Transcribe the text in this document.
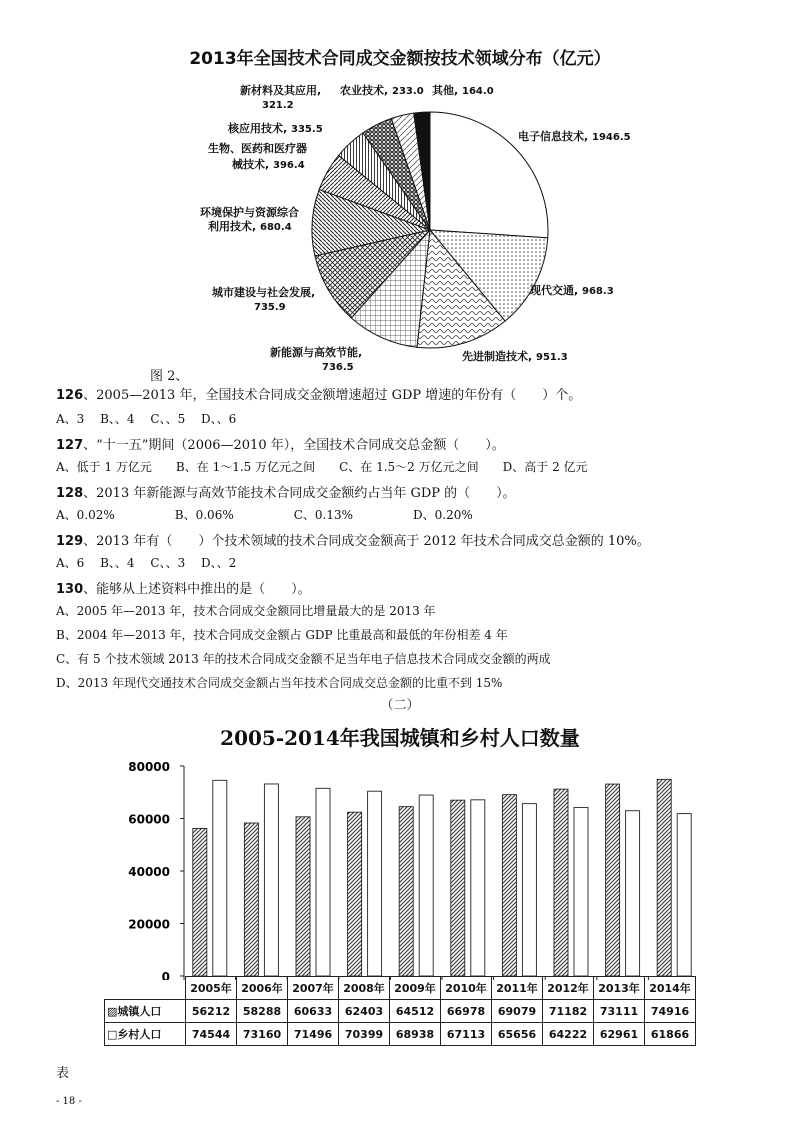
2013年全国技术合同成交金额按技术领域分布（亿元）
电子信息技术, 1946.5
现代交通, 968.3
先进制造技术, 951.3
新能源与高效节能,
736.5
城市建设与社会发展,
735.9
环境保护与资源综合
利用技术, 680.4
生物、医药和医疗器
械技术, 396.4
核应用技术, 335.5
新材料及其应用,
321.2
农业技术, 233.0 其他, 164.0
图 2、
126、2005—2013 年，全国技术合同成交金额增速超过 GDP 增速的年份有（　　）个。
A、3　 B、、4　 C、、5　 D、、6
127、“十一五”期间（2006—2010 年），全国技术合同成交总金额（　　）。
A、低于 1 万亿元　　B、在 1～1.5 万亿元之间　　C、在 1.5～2 万亿元之间　　D、高于 2 亿元
128、2013 年新能源与高效节能技术合同成交金额约占当年 GDP 的（　　）。
A、0.02%　　　　　B、0.06%　　　　　C、0.13%　　　　　D、0.20%
129、2013 年有（　　）个技术领域的技术合同成交金额高于 2012 年技术合同成交总金额的 10%。
A、6　 B、、4　 C、、3　 D、、2
130、能够从上述资料中推出的是（　　）。
A、2005 年—2013 年，技术合同成交金额同比增量最大的是 2013 年
B、2004 年—2013 年，技术合同成交金额占 GDP 比重最高和最低的年份相差 4 年
C、有 5 个技术领域 2013 年的技术合同成交金额不足当年电子信息技术合同成交金额的两成
D、2013 年现代交通技术合同成交金额占当年技术合同成交总金额的比重不到 15%
（二）
2005-2014年我国城镇和乡村人口数量
0
20000
40000
60000
80000
	2005年	2006年	2007年	2008年	2009年	2010年	2011年	2012年	2013年	2014年
▨城镇人口	56212	58288	60633	62403	64512	66978	69079	71182	73111	74916
□乡村人口	74544	73160	71496	70399	68938	67113	65656	64222	62961	61866
表
- 18 -
